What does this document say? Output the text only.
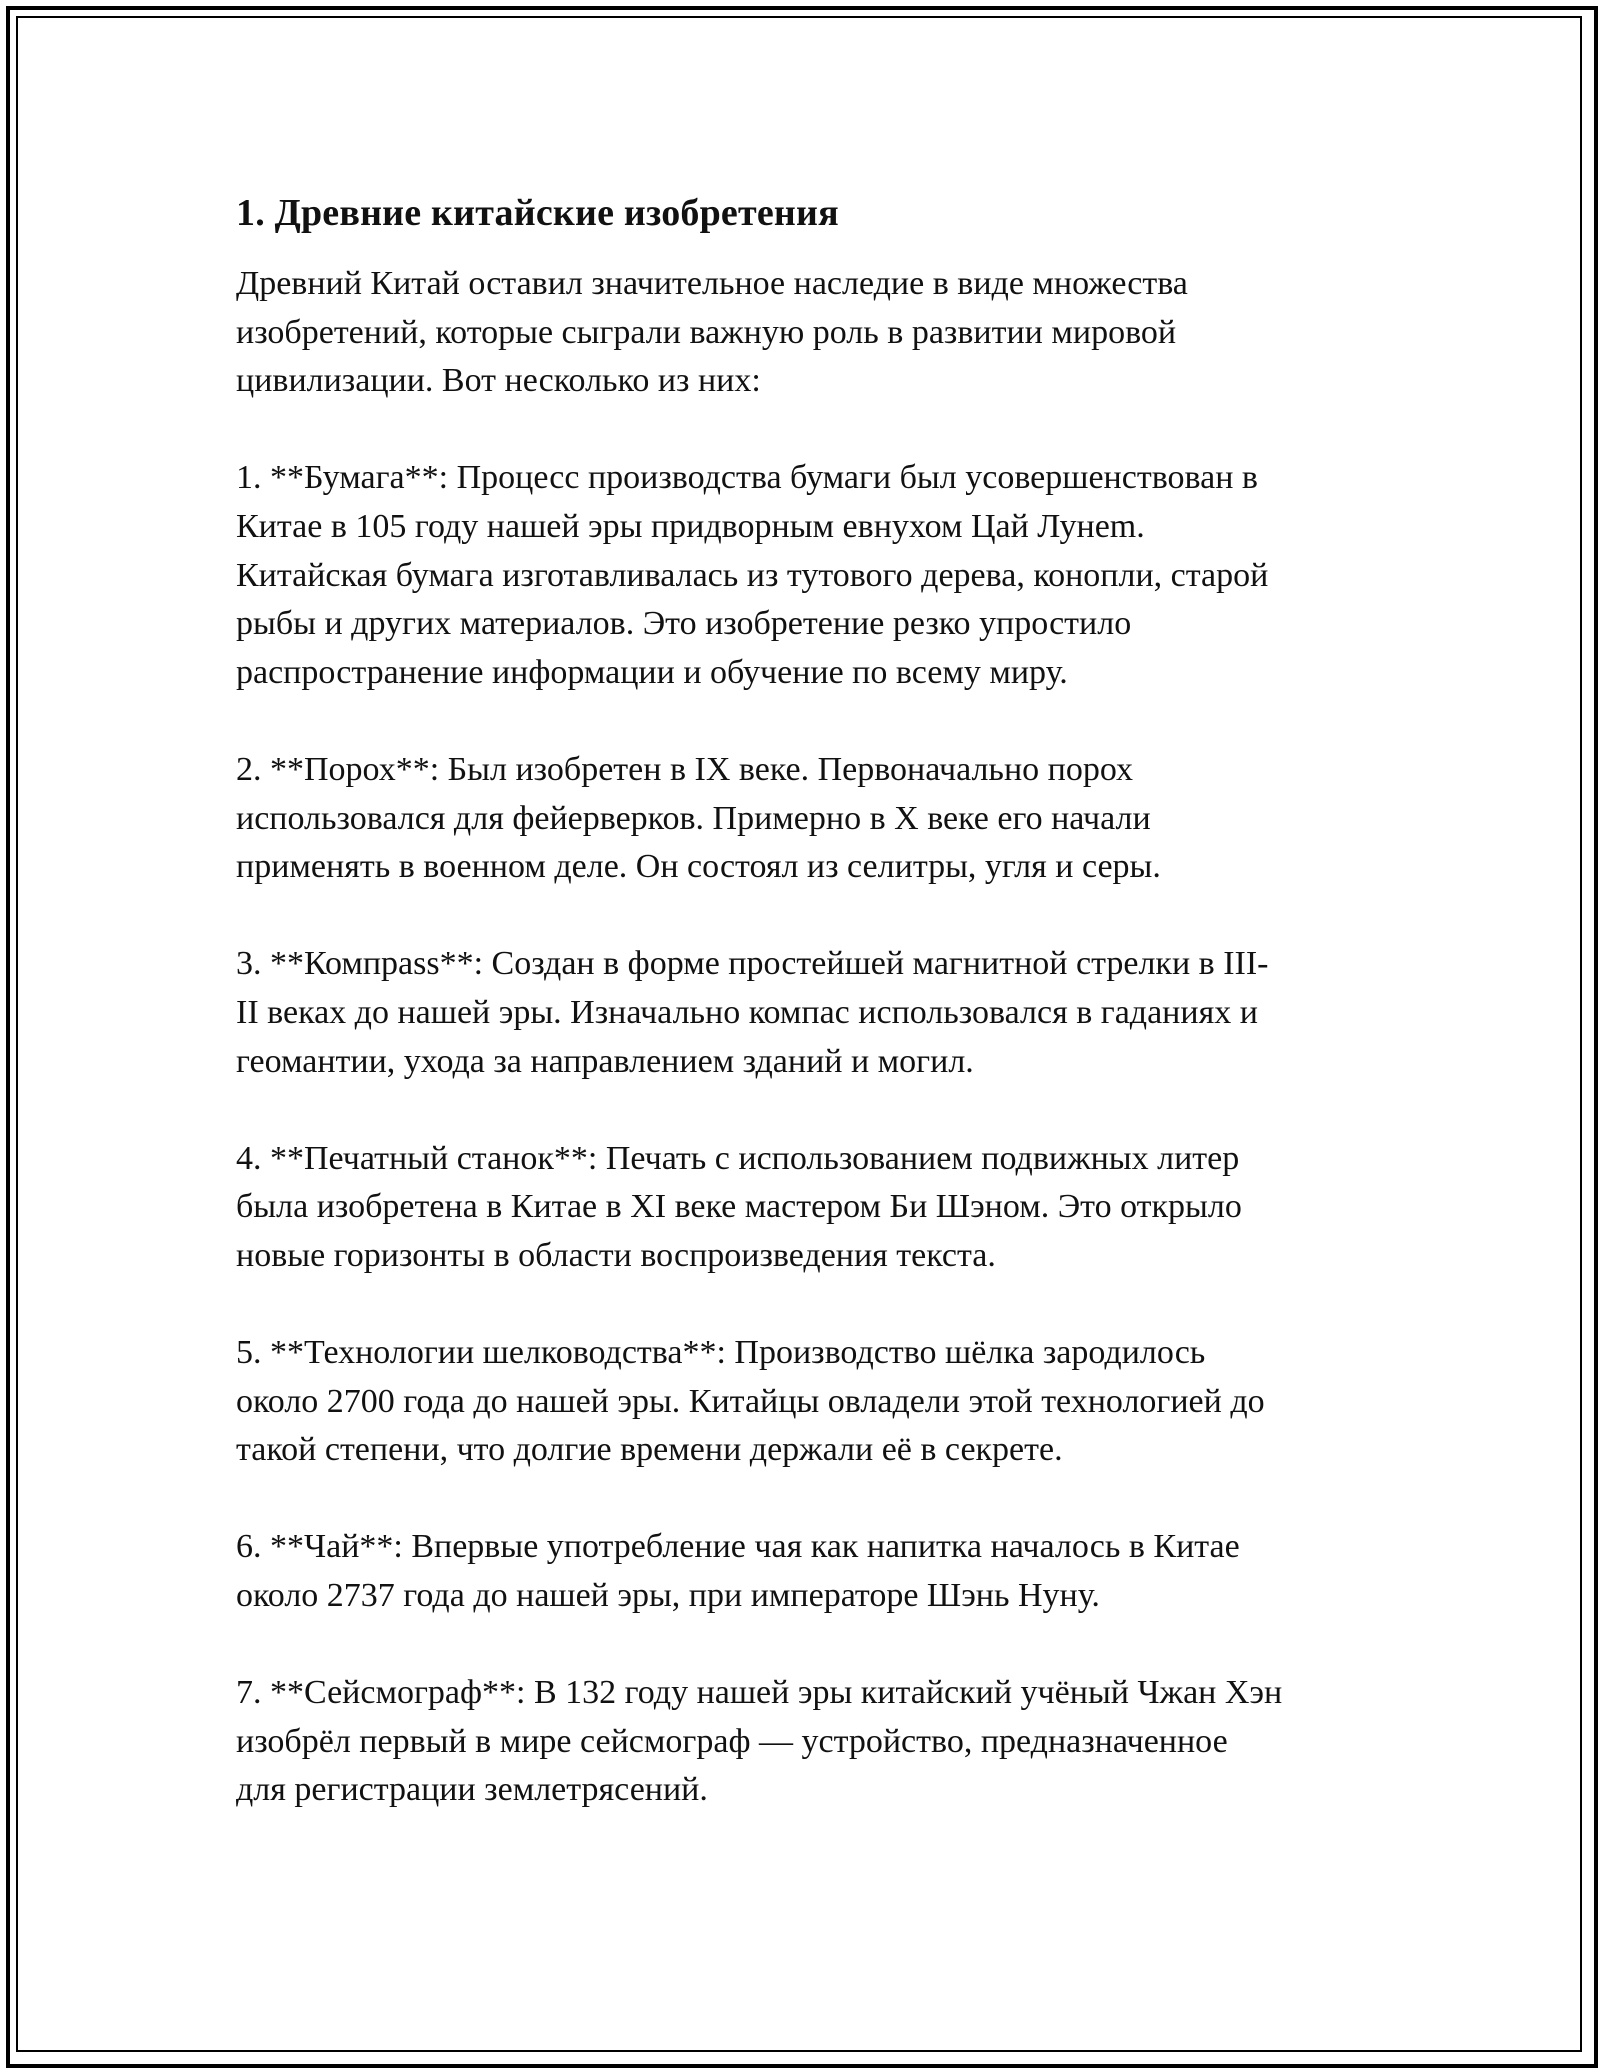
1. Древние китайские изобретения
Древний Китай оставил значительное наследие в виде множества
изобретений, которые сыграли важную роль в развитии мировой
цивилизации. Вот несколько из них:
1. **Бумага**: Процесс производства бумаги был усовершенствован в
Китае в 105 году нашей эры придворным евнухом Цай Лунem.
Китайская бумага изготавливалась из тутового дерева, конопли, старой
рыбы и других материалов. Это изобретение резко упростило
распространение информации и обучение по всему миру.
2. **Порох**: Был изобретен в IX веке. Первоначально порох
использовался для фейерверков. Примерно в X веке его начали
применять в военном деле. Он состоял из селитры, угля и серы.
3. **Компpass**: Создан в форме простейшей магнитной стрелки в III-
II веках до нашей эры. Изначально компас использовался в гаданиях и
геомантии, ухода за направлением зданий и могил.
4. **Печатный станок**: Печать с использованием подвижных литер
была изобретена в Китае в XI веке мастером Би Шэном. Это открыло
новые горизонты в области воспроизведения текста.
5. **Технологии шелководства**: Производство шёлка зародилось
около 2700 года до нашей эры. Китайцы овладели этой технологией до
такой степени, что долгие времени держали её в секрете.
6. **Чай**: Впервые употребление чая как напитка началось в Китае
около 2737 года до нашей эры, при императоре Шэнь Нуну.
7. **Сейсмограф**: В 132 году нашей эры китайский учёный Чжан Хэн
изобрёл первый в мире сейсмограф — устройство, предназначенное
для регистрации землетрясений.
